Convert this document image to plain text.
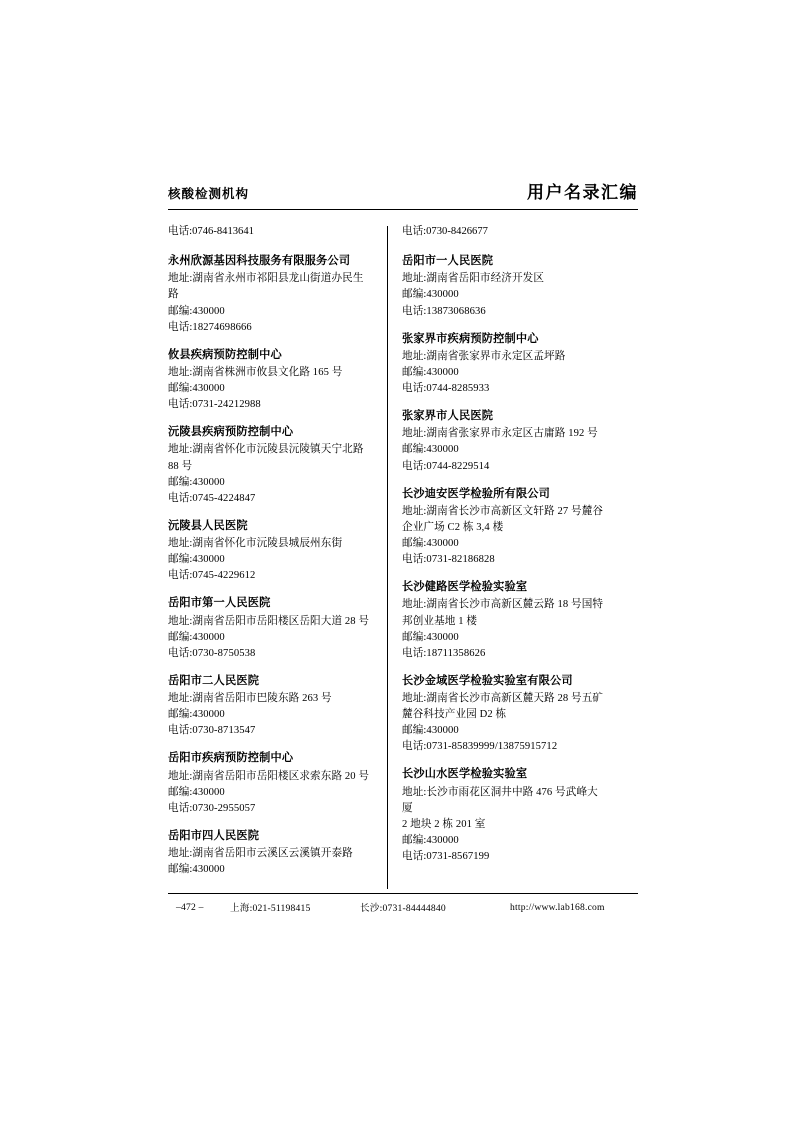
核酸检测机构	用户名录汇编
电话:0746-8413641
永州欣源基因科技服务有限服务公司
地址:湖南省永州市祁阳县龙山街道办民生路
邮编:430000
电话:18274698666
攸县疾病预防控制中心
地址:湖南省株洲市攸县文化路 165 号
邮编:430000
电话:0731-24212988
沅陵县疾病预防控制中心
地址:湖南省怀化市沅陵县沅陵镇天宁北路 88 号
邮编:430000
电话:0745-4224847
沅陵县人民医院
地址:湖南省怀化市沅陵县城辰州东街
邮编:430000
电话:0745-4229612
岳阳市第一人民医院
地址:湖南省岳阳市岳阳楼区岳阳大道 28 号
邮编:430000
电话:0730-8750538
岳阳市二人民医院
地址:湖南省岳阳市巴陵东路 263 号
邮编:430000
电话:0730-8713547
岳阳市疾病预防控制中心
地址:湖南省岳阳市岳阳楼区求索东路 20 号
邮编:430000
电话:0730-2955057
岳阳市四人民医院
地址:湖南省岳阳市云溪区云溪镇开泰路
邮编:430000
电话:0730-8426677
岳阳市一人民医院
地址:湖南省岳阳市经济开发区
邮编:430000
电话:13873068636
张家界市疾病预防控制中心
地址:湖南省张家界市永定区孟坪路
邮编:430000
电话:0744-8285933
张家界市人民医院
地址:湖南省张家界市永定区古庸路 192 号
邮编:430000
电话:0744-8229514
长沙迪安医学检验所有限公司
地址:湖南省长沙市高新区文轩路 27 号麓谷
企业广场 C2 栋 3,4 楼
邮编:430000
电话:0731-82186828
长沙健路医学检验实验室
地址:湖南省长沙市高新区麓云路 18 号国特
邦创业基地 1 楼
邮编:430000
电话:18711358626
长沙金域医学检验实验室有限公司
地址:湖南省长沙市高新区麓天路 28 号五矿
麓谷科技产业园 D2 栋
邮编:430000
电话:0731-85839999/13875915712
长沙山水医学检验实验室
地址:长沙市雨花区洞井中路 476 号武峰大厦
2 地块 2 栋 201 室
邮编:430000
电话:0731-8567199
–472 –	上海:021-51198415	长沙:0731-84444840	http://www.lab168.com
